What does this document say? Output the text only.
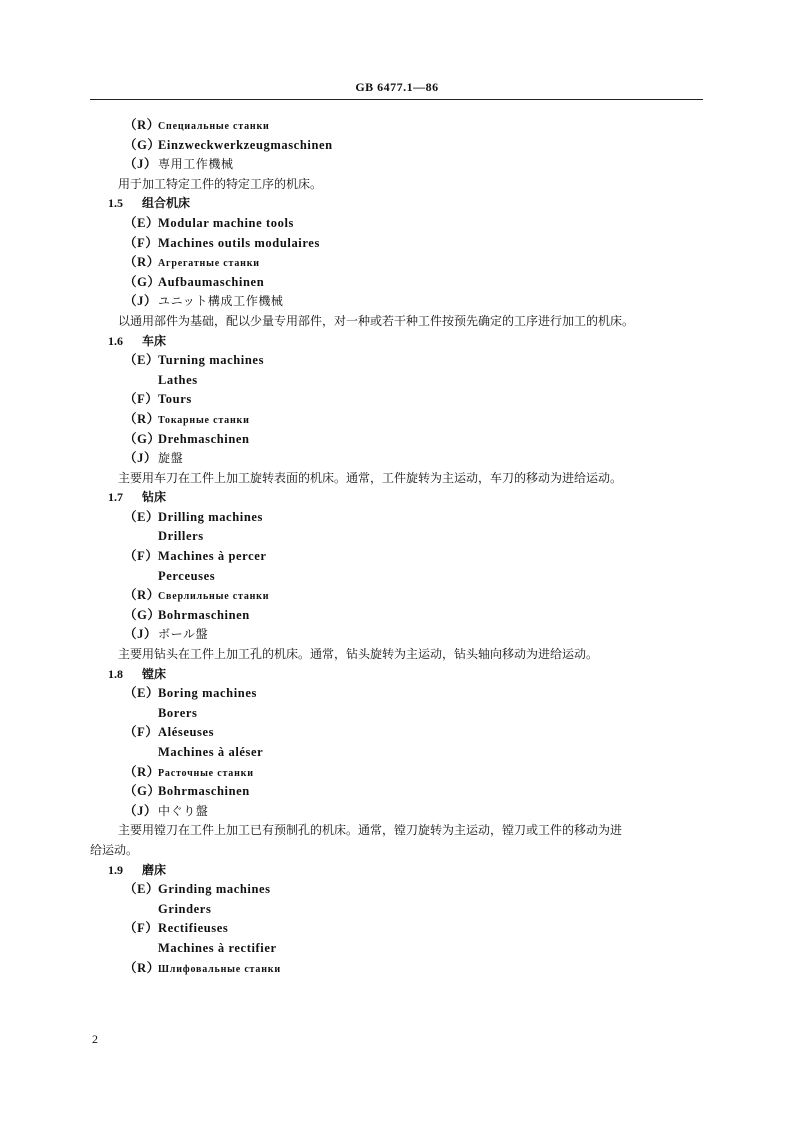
GB 6477.1—86
（R）Специальные станки
（G）Einzweckwerkzeugmaschinen
（J）専用工作機械
用于加工特定工件的特定工序的机床。
1.5 组合机床
（E）Modular machine tools
（F）Machines outils modulaires
（R）Агрегатные станки
（G）Aufbaumaschinen
（J）ユニット構成工作機械
以通用部件为基础，配以少量专用部件，对一种或若干种工件按预先确定的工序进行加工的机床。
1.6 车床
（E）Turning machines
Lathes
（F）Tours
（R）Токарные станки
（G）Drehmaschinen
（J）旋盤
主要用车刀在工件上加工旋转表面的机床。通常，工件旋转为主运动，车刀的移动为进给运动。
1.7 钻床
（E）Drilling machines
Drillers
（F）Machines à percer
Perceuses
（R）Сверлильные станки
（G）Bohrmaschinen
（J）ボール盤
主要用钻头在工件上加工孔的机床。通常，钻头旋转为主运动，钻头轴向移动为进给运动。
1.8 镗床
（E）Boring machines
Borers
（F）Aléseuses
Machines à aléser
（R）Расточные станки
（G）Bohrmaschinen
（J）中ぐり盤
主要用镗刀在工件上加工已有预制孔的机床。通常，镗刀旋转为主运动，镗刀或工件的移动为进
给运动。
1.9 磨床
（E）Grinding machines
Grinders
（F）Rectifieuses
Machines à rectifier
（R）Шлифовальные станки
2
